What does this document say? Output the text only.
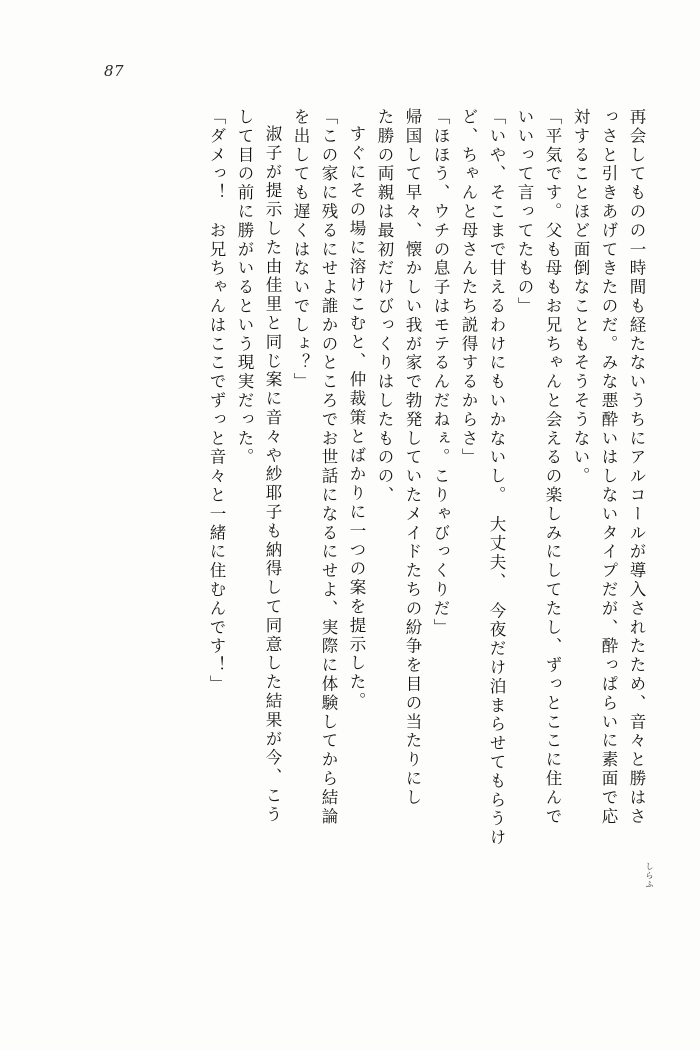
87
再会してものの一時間も経たないうちにアルコールが導入されたため、音々と勝はさ
っさと引きあげてきたのだ。みな悪酔いはしないタイプだが、酔っぱらいに素面で応
対することほど面倒なこともそうそうない。
「平気です。父も母もお兄ちゃんと会えるの楽しみにしてたし、ずっとここに住んで
いいって言ってたもの」
「いや、そこまで甘えるわけにもいかないし。　大丈夫、　今夜だけ泊まらせてもらうけ
ど、ちゃんと母さんたち説得するからさ」
「ほほう、ウチの息子はモテるんだねぇ。こりゃびっくりだ」
帰国して早々、懐かしい我が家で勃発していたメイドたちの紛争を目の当たりにし
た勝の両親は最初だけびっくりはしたものの、
すぐにその場に溶けこむと、仲裁策とばかりに一つの案を提示した。
「この家に残るにせよ誰かのところでお世話になるにせよ、実際に体験してから結論
を出しても遅くはないでしょ？」
淑子が提示した由佳里と同じ案に音々や紗耶子も納得して同意した結果が今、こう
して目の前に勝がいるという現実だった。
「ダメっ！　お兄ちゃんはここでずっと音々と一緒に住むんです！」
しらふ
